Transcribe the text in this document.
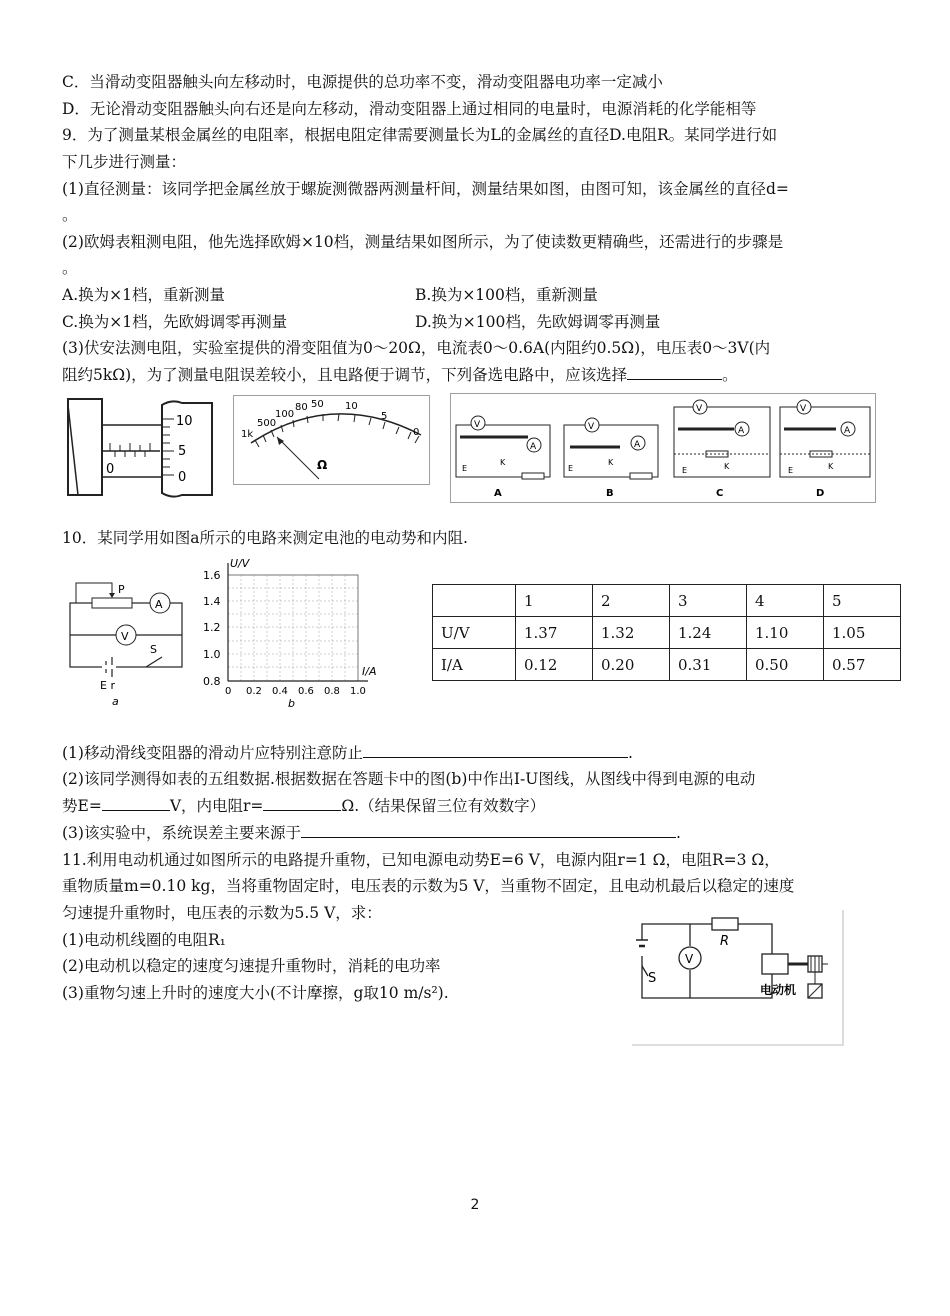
C．当滑动变阻器触头向左移动时，电源提供的总功率不变，滑动变阻器电功率一定减小
D．无论滑动变阻器触头向右还是向左移动，滑动变阻器上通过相同的电量时，电源消耗的化学能相等
9．为了测量某根金属丝的电阻率，根据电阻定律需要测量长为L的金属丝的直径D.电阻R。某同学进行如
下几步进行测量：
(1)直径测量：该同学把金属丝放于螺旋测微器两测量杆间，测量结果如图，由图可知，该金属丝的直径d=
。
(2)欧姆表粗测电阻，他先选择欧姆×10档，测量结果如图所示，为了使读数更精确些，还需进行的步骤是
。
A.换为×1档，重新测量	B.换为×100档，重新测量
C.换为×1档，先欧姆调零再测量	D.换为×100档，先欧姆调零再测量
(3)伏安法测电阻，实验室提供的滑变阻值为0～20Ω，电流表0～0.6A(内阻约0.5Ω)，电压表0～3V(内
阻约5kΩ)，为了测量电阻误差较小，且电路便于调节，下列备选电路中，应该选择	。
0
10
5
0
1k
500
100
80 50 10
5
0
Ω
V
A
E
K
A
V
A
E
K
B
V
A
E	K
C
V
A
E	K
D
10．某同学用如图a所示的电路来测定电池的电动势和内阻.
P
A
V
S
E r
a
U/V
I/A
1.6
1.4
1.2
1.0
0.8
0 0.2 0.4 0.6 0.8 1.0
b
	1	2	3	4	5
U/V	1.37	1.32	1.24	1.10	1.05
I/A	0.12	0.20	0.31	0.50	0.57
(1)移动滑线变阻器的滑动片应特别注意防止	.
(2)该同学测得如表的五组数据.根据数据在答题卡中的图(b)中作出I-U图线，从图线中得到电源的电动
势E=	V，内电阻r=	Ω.（结果保留三位有效数字）
(3)该实验中，系统误差主要来源于	.
11.利用电动机通过如图所示的电路提升重物，已知电源电动势E=6 V，电源内阻r=1 Ω，电阻R=3 Ω，
重物质量m=0.10 kg，当将重物固定时，电压表的示数为5 V，当重物不固定，且电动机最后以稳定的速度
匀速提升重物时，电压表的示数为5.5 V，求：
(1)电动机线圈的电阻R₁
(2)电动机以稳定的速度匀速提升重物时，消耗的电功率
(3)重物匀速上升时的速度大小(不计摩擦，g取10 m/s²).
S
V
R
电动机
2
